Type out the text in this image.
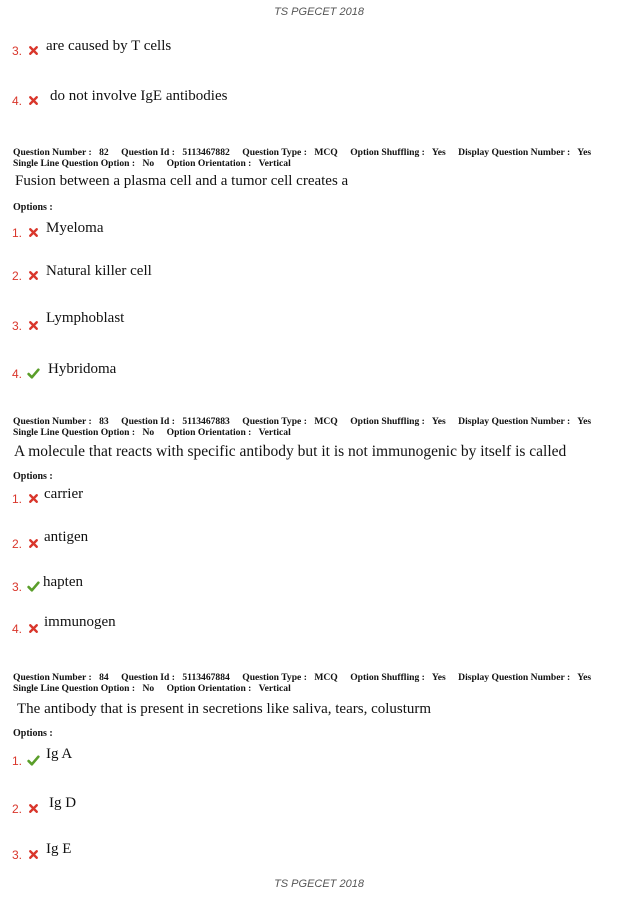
TS PGECET 2018
3. are caused by T cells
4. do not involve IgE antibodies
Question Number : 82 Question Id : 5113467882 Question Type : MCQ Option Shuffling : Yes Display Question Number : Yes
Single Line Question Option : No Option Orientation : Vertical
Fusion between a plasma cell and a tumor cell creates a
Options :
1. Myeloma
2. Natural killer cell
3. Lymphoblast
4. Hybridoma
Question Number : 83 Question Id : 5113467883 Question Type : MCQ Option Shuffling : Yes Display Question Number : Yes
Single Line Question Option : No Option Orientation : Vertical
A molecule that reacts with specific antibody but it is not immunogenic by itself is called
Options :
1. carrier
2. antigen
3. hapten
4. immunogen
Question Number : 84 Question Id : 5113467884 Question Type : MCQ Option Shuffling : Yes Display Question Number : Yes
Single Line Question Option : No Option Orientation : Vertical
The antibody that is present in secretions like saliva, tears, colusturm
Options :
1. Ig A
2. Ig D
3. Ig E
TS PGECET 2018
